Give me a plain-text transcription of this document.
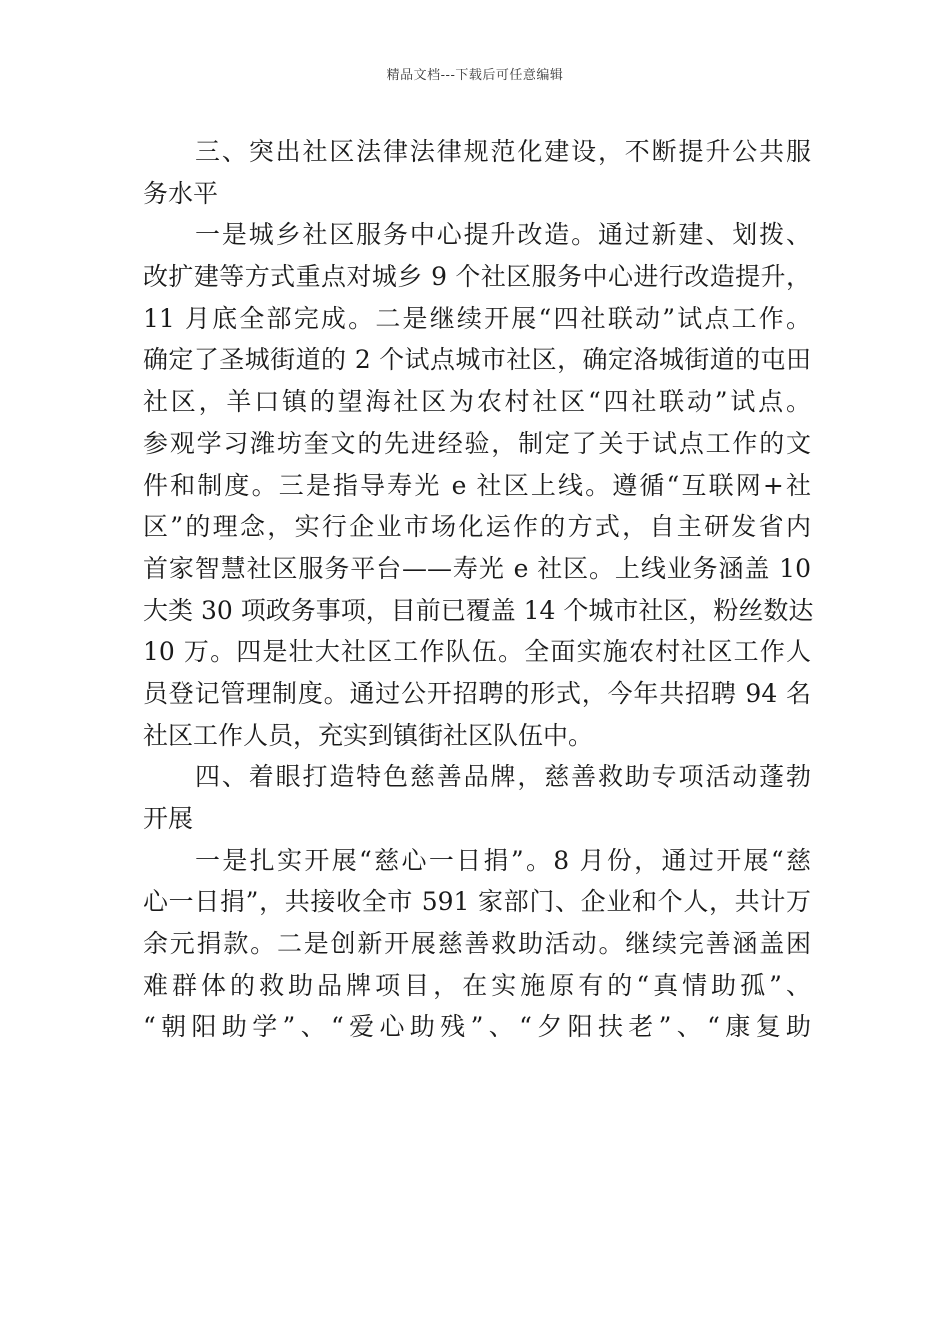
精品文档---下载后可任意编辑
三、突出社区法律法律规范化建设，不断提升公共服
务水平
一是城乡社区服务中心提升改造。通过新建、划拨、
改扩建等方式重点对城乡 9 个社区服务中心进行改造提升，
11 月底全部完成。二是继续开展“四社联动”试点工作。
确定了圣城街道的 2 个试点城市社区，确定洛城街道的屯田
社区，羊口镇的望海社区为农村社区“四社联动”试点。
参观学习潍坊奎文的先进经验，制定了关于试点工作的文
件和制度。三是指导寿光 e 社区上线。遵循“互联网+社
区”的理念，实行企业市场化运作的方式，自主研发省内
首家智慧社区服务平台——寿光 e 社区。上线业务涵盖 10
大类 30 项政务事项，目前已覆盖 14 个城市社区，粉丝数达
10 万。四是壮大社区工作队伍。全面实施农村社区工作人
员登记管理制度。通过公开招聘的形式，今年共招聘 94 名
社区工作人员，充实到镇街社区队伍中。
四、着眼打造特色慈善品牌，慈善救助专项活动蓬勃
开展
一是扎实开展“慈心一日捐”。8 月份，通过开展“慈
心一日捐”，共接收全市 591 家部门、企业和个人，共计万
余元捐款。二是创新开展慈善救助活动。继续完善涵盖困
难群体的救助品牌项目，在实施原有的“真情助孤”、
“朝阳助学”、“爱心助残”、“夕阳扶老”、“康复助
